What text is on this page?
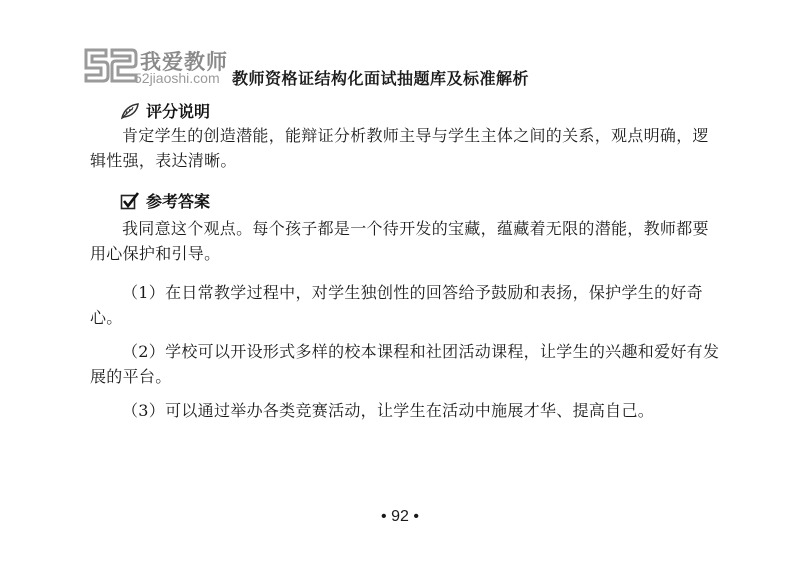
我爱教师
52jiaoshi.com 教师资格证结构化面试抽题库及标准解析
评分说明

肯定学生的创造潜能，能辩证分析教师主导与学生主体之间的关系，观点明确，逻辑性强，表达清晰。

参考答案

我同意这个观点。每个孩子都是一个待开发的宝藏，蕴藏着无限的潜能，教师都要用心保护和引导。

（1）在日常教学过程中，对学生独创性的回答给予鼓励和表扬，保护学生的好奇心。

（2）学校可以开设形式多样的校本课程和社团活动课程，让学生的兴趣和爱好有发展的平台。

（3）可以通过举办各类竞赛活动，让学生在活动中施展才华、提高自己。

• 92 •
